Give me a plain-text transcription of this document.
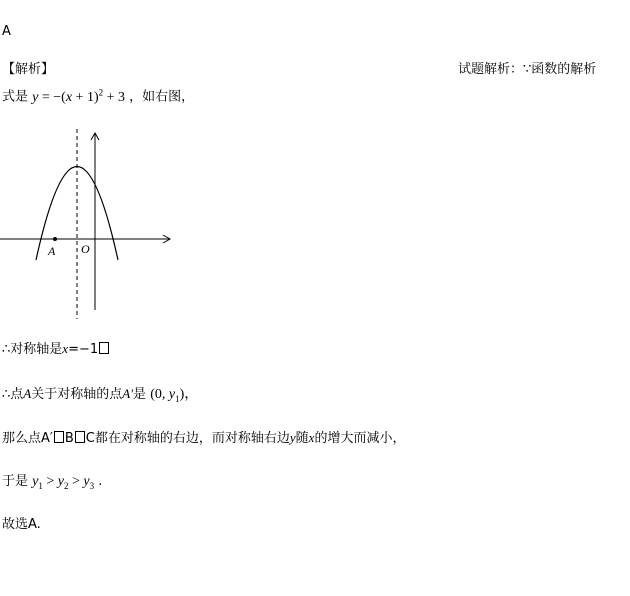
A
【解析】	试题解析：∵函数的解析
式是 $y = -(x + 1)^2 + 3$ ，如右图，
A O
∴对称轴是x=−1
∴点A关于对称轴的点A′是 (0, $y_1$)，
那么点A′ B C都在对称轴的右边，而对称轴右边y随x的增大而减小，
于是 $y_1 > y_2 > y_3$ .
故选A.
